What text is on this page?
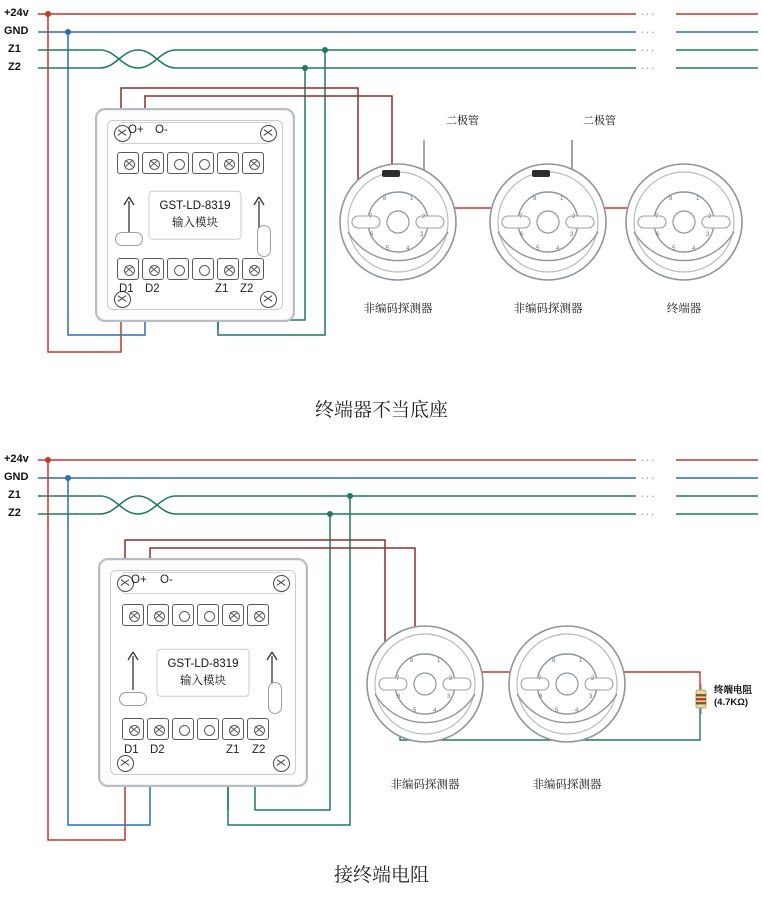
+24v
GND
Z1
Z2
···
···
···
···
O+ O-
GST-LD-8319
输入模块
D1 D2	Z1 Z2
1
2
3
4
5
6
7
8	1
2
3
4
5
6
7
8	1
2
3
4
5
6
7
8
二极管	二极管
非编码探测器	非编码探测器	终端器
终端器不当底座
+24v
GND
Z1
Z2
···
···
···
···
O+ O-
GST-LD-8319
输入模块
D1 D2	Z1 Z2
1
2
3
4
5
6
7
8	1
2
3
4
5
6
7
8
非编码探测器	非编码探测器
终端电阻
(4.7KΩ)
接终端电阻
